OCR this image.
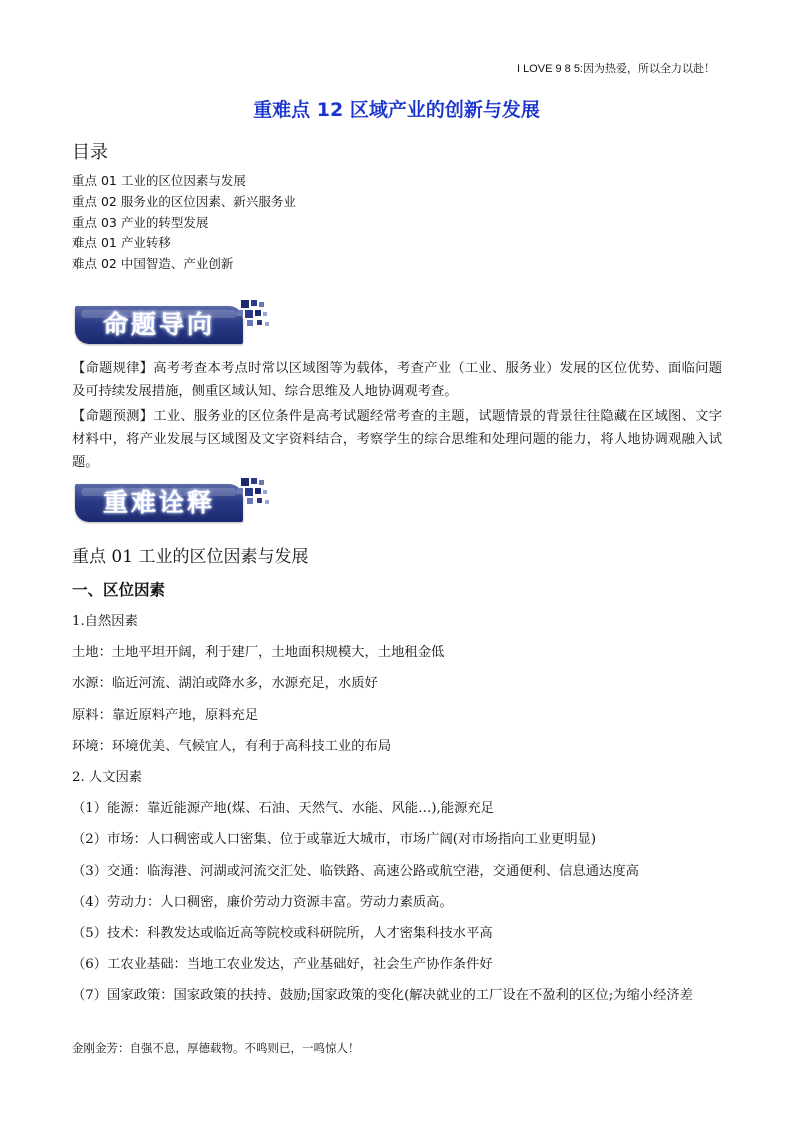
I LOVE 9 8 5:因为热爱，所以全力以赴！
重难点 12 区域产业的创新与发展
目录
重点 01 工业的区位因素与发展
重点 02 服务业的区位因素、新兴服务业
重点 03 产业的转型发展
难点 01 产业转移
难点 02 中国智造、产业创新
命题导向
【命题规律】高考考查本考点时常以区域图等为载体，考查产业（工业、服务业）发展的区位优势、面临问题及可持续发展措施，侧重区域认知、综合思维及人地协调观考查。
【命题预测】工业、服务业的区位条件是高考试题经常考查的主题，试题情景的背景往往隐藏在区域图、文字材料中，将产业发展与区域图及文字资料结合，考察学生的综合思维和处理问题的能力，将人地协调观融入试题。
重难诠释
重点 01 工业的区位因素与发展
一、区位因素
1.自然因素
土地：土地平坦开阔，利于建厂，土地面积规模大，土地租金低
水源：临近河流、湖泊或降水多，水源充足，水质好
原料：靠近原料产地，原料充足
环境：环境优美、气候宜人，有利于高科技工业的布局
2. 人文因素
（1）能源：靠近能源产地(煤、石油、天然气、水能、风能…),能源充足
（2）市场：人口稠密或人口密集、位于或靠近大城市，市场广阔(对市场指向工业更明显)
（3）交通：临海港、河湖或河流交汇处、临铁路、高速公路或航空港，交通便利、信息通达度高
（4）劳动力：人口稠密，廉价劳动力资源丰富。劳动力素质高。
（5）技术：科教发达或临近高等院校或科研院所，人才密集科技水平高
（6）工农业基础：当地工农业发达，产业基础好，社会生产协作条件好
（7）国家政策：国家政策的扶持、鼓励;国家政策的变化(解决就业的工厂设在不盈利的区位;为缩小经济差
金刚金芳：自强不息，厚德载物。不鸣则已，一鸣惊人！
